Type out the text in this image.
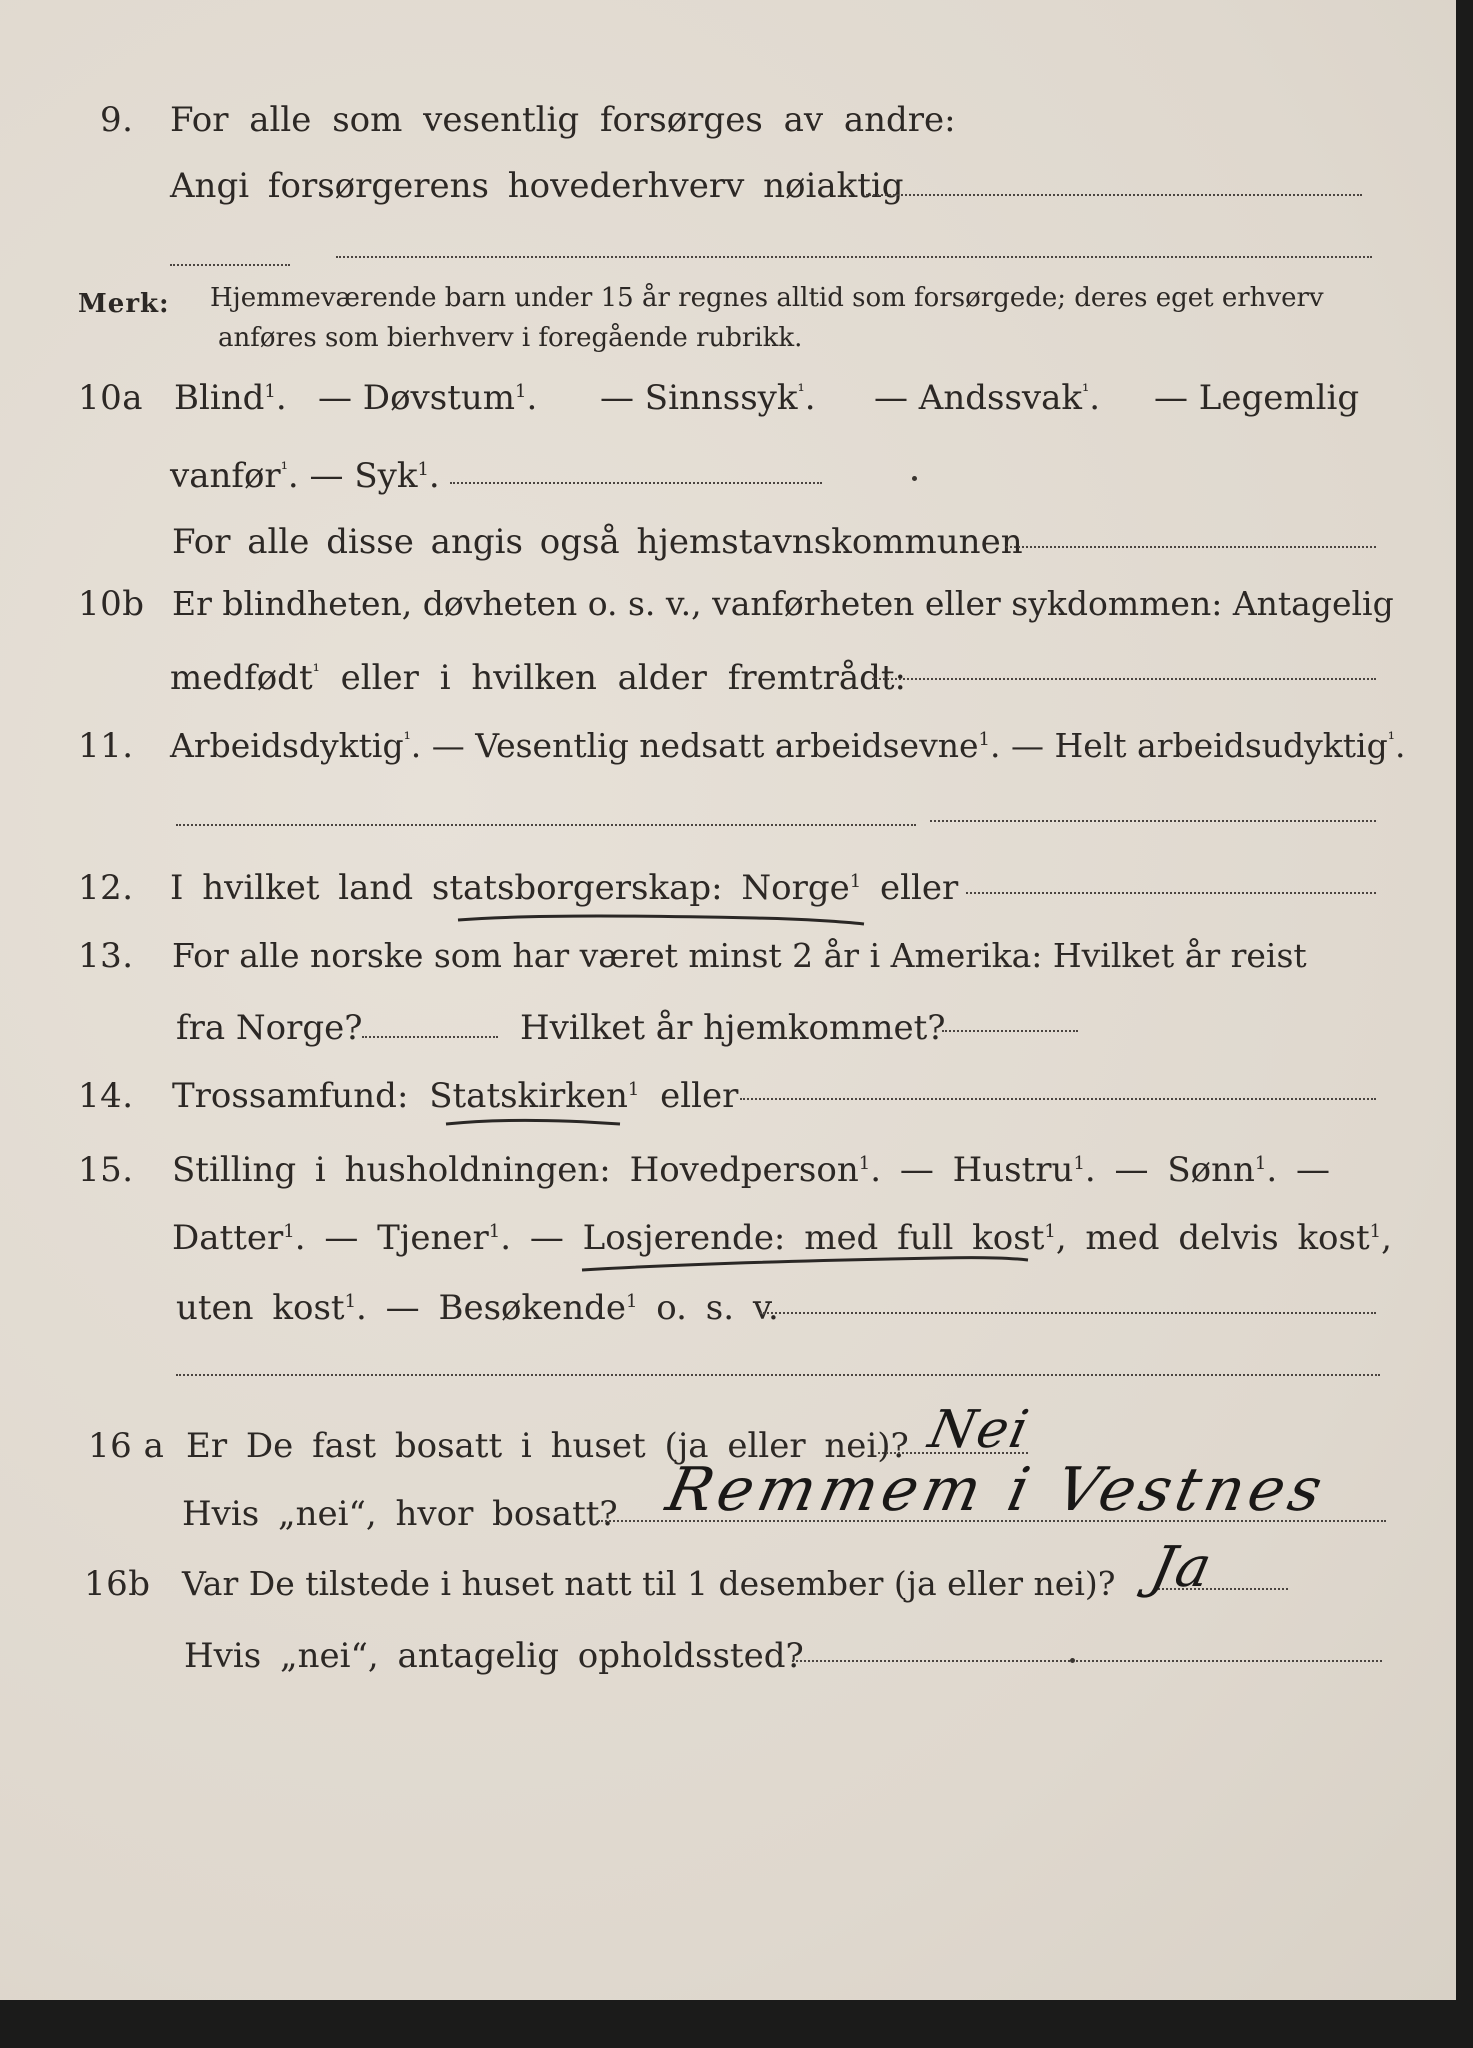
9. For alle som vesentlig forsørges av andre:
Angi forsørgerens hovederhverv nøiaktig
Merk: Hjemmeværende barn under 15 år regnes alltid som forsørgede; deres eget erhverv
anføres som bierhverv i foregående rubrikk.
10a Blind$^1$. — Døvstum$^1$. — Sinnssyk$^{^1}$. — Andssvak$^{^1}$. — Legemlig
vanfør$^{^1}$. — Syk$^1$.
For alle disse angis også hjemstavnskommunen
10b Er blindheten, døvheten o. s. v., vanførheten eller sykdommen: Antagelig
medfødt$^{^1}$ eller i hvilken alder fremtrådt:
11. Arbeidsdyktig$^{^1}$. — Vesentlig nedsatt arbeidsevne$^1$. — Helt arbeidsudyktig$^{^1}$.
12. I hvilket land statsborgerskap: Norge$^1$ eller
13. For alle norske som har været minst 2 år i Amerika: Hvilket år reist
fra Norge?	Hvilket år hjemkommet?
14. Trossamfund: Statskirken$^1$ eller
15. Stilling i husholdningen: Hovedperson$^1$. — Hustru$^1$. — Sønn$^1$. —
Datter$^1$. — Tjener$^1$. — Losjerende: med full kost$^1$, med delvis kost$^1$,
uten kost$^1$. — Besøkende$^1$ o. s. v.
16 a Er De fast bosatt i huset (ja eller nei)? Nei
Hvis „nei“, hvor bosatt? Remmem i Vestnes
16b Var De tilstede i huset natt til 1 desember (ja eller nei)? Ja
Hvis „nei“, antagelig opholdssted?
